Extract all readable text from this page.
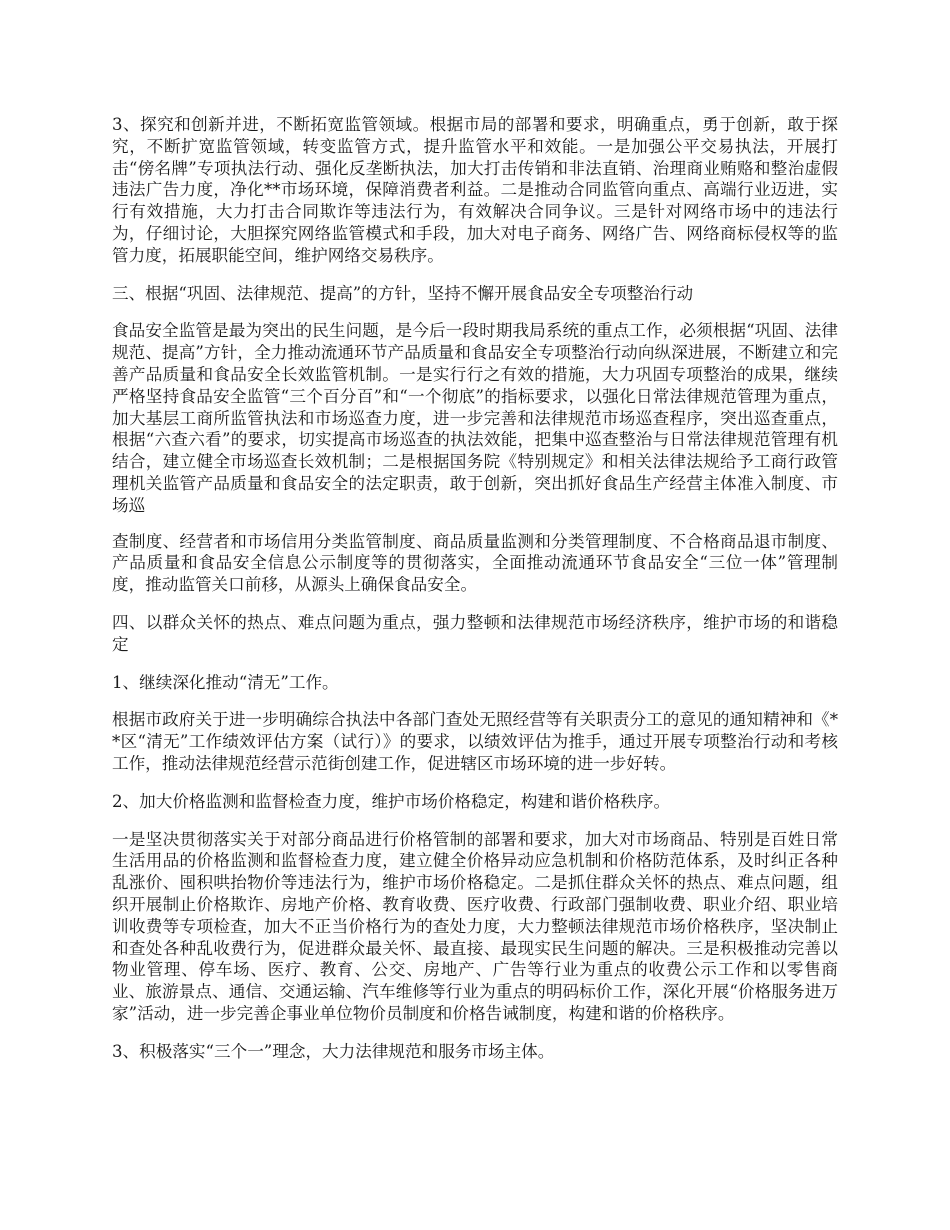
3、探究和创新并进，不断拓宽监管领域。根据市局的部署和要求，明确重点，勇于创新，敢于探究，不断扩宽监管领域，转变监管方式，提升监管水平和效能。一是加强公平交易执法，开展打击“傍名牌”专项执法行动、强化反垄断执法，加大打击传销和非法直销、治理商业贿赂和整治虚假违法广告力度，净化**市场环境，保障消费者利益。二是推动合同监管向重点、高端行业迈进，实行有效措施，大力打击合同欺诈等违法行为，有效解决合同争议。三是针对网络市场中的违法行为，仔细讨论，大胆探究网络监管模式和手段，加大对电子商务、网络广告、网络商标侵权等的监管力度，拓展职能空间，维护网络交易秩序。

三、根据“巩固、法律规范、提高”的方针，坚持不懈开展食品安全专项整治行动

食品安全监管是最为突出的民生问题，是今后一段时期我局系统的重点工作，必须根据“巩固、法律规范、提高”方针，全力推动流通环节产品质量和食品安全专项整治行动向纵深进展，不断建立和完善产品质量和食品安全长效监管机制。一是实行行之有效的措施，大力巩固专项整治的成果，继续严格坚持食品安全监管“三个百分百”和“一个彻底”的指标要求，以强化日常法律规范管理为重点，加大基层工商所监管执法和市场巡查力度，进一步完善和法律规范市场巡查程序，突出巡查重点，根据“六查六看”的要求，切实提高市场巡查的执法效能，把集中巡查整治与日常法律规范管理有机结合，建立健全市场巡查长效机制；二是根据国务院《特别规定》和相关法律法规给予工商行政管理机关监管产品质量和食品安全的法定职责，敢于创新，突出抓好食品生产经营主体准入制度、市场巡

查制度、经营者和市场信用分类监管制度、商品质量监测和分类管理制度、不合格商品退市制度、产品质量和食品安全信息公示制度等的贯彻落实，全面推动流通环节食品安全“三位一体”管理制度，推动监管关口前移，从源头上确保食品安全。

四、以群众关怀的热点、难点问题为重点，强力整顿和法律规范市场经济秩序，维护市场的和谐稳定

1、继续深化推动“清无”工作。

根据市政府关于进一步明确综合执法中各部门查处无照经营等有关职责分工的意见的通知精神和《**区“清无”工作绩效评估方案（试行）》的要求，以绩效评估为推手，通过开展专项整治行动和考核工作，推动法律规范经营示范街创建工作，促进辖区市场环境的进一步好转。

2、加大价格监测和监督检查力度，维护市场价格稳定，构建和谐价格秩序。

一是坚决贯彻落实关于对部分商品进行价格管制的部署和要求，加大对市场商品、特别是百姓日常生活用品的价格监测和监督检查力度，建立健全价格异动应急机制和价格防范体系，及时纠正各种乱涨价、囤积哄抬物价等违法行为，维护市场价格稳定。二是抓住群众关怀的热点、难点问题，组织开展制止价格欺诈、房地产价格、教育收费、医疗收费、行政部门强制收费、职业介绍、职业培训收费等专项检查，加大不正当价格行为的查处力度，大力整顿法律规范市场价格秩序，坚决制止和查处各种乱收费行为，促进群众最关怀、最直接、最现实民生问题的解决。三是积极推动完善以物业管理、停车场、医疗、教育、公交、房地产、广告等行业为重点的收费公示工作和以零售商业、旅游景点、通信、交通运输、汽车维修等行业为重点的明码标价工作，深化开展“价格服务进万家”活动，进一步完善企事业单位物价员制度和价格告诫制度，构建和谐的价格秩序。

3、积极落实“三个一”理念，大力法律规范和服务市场主体。
